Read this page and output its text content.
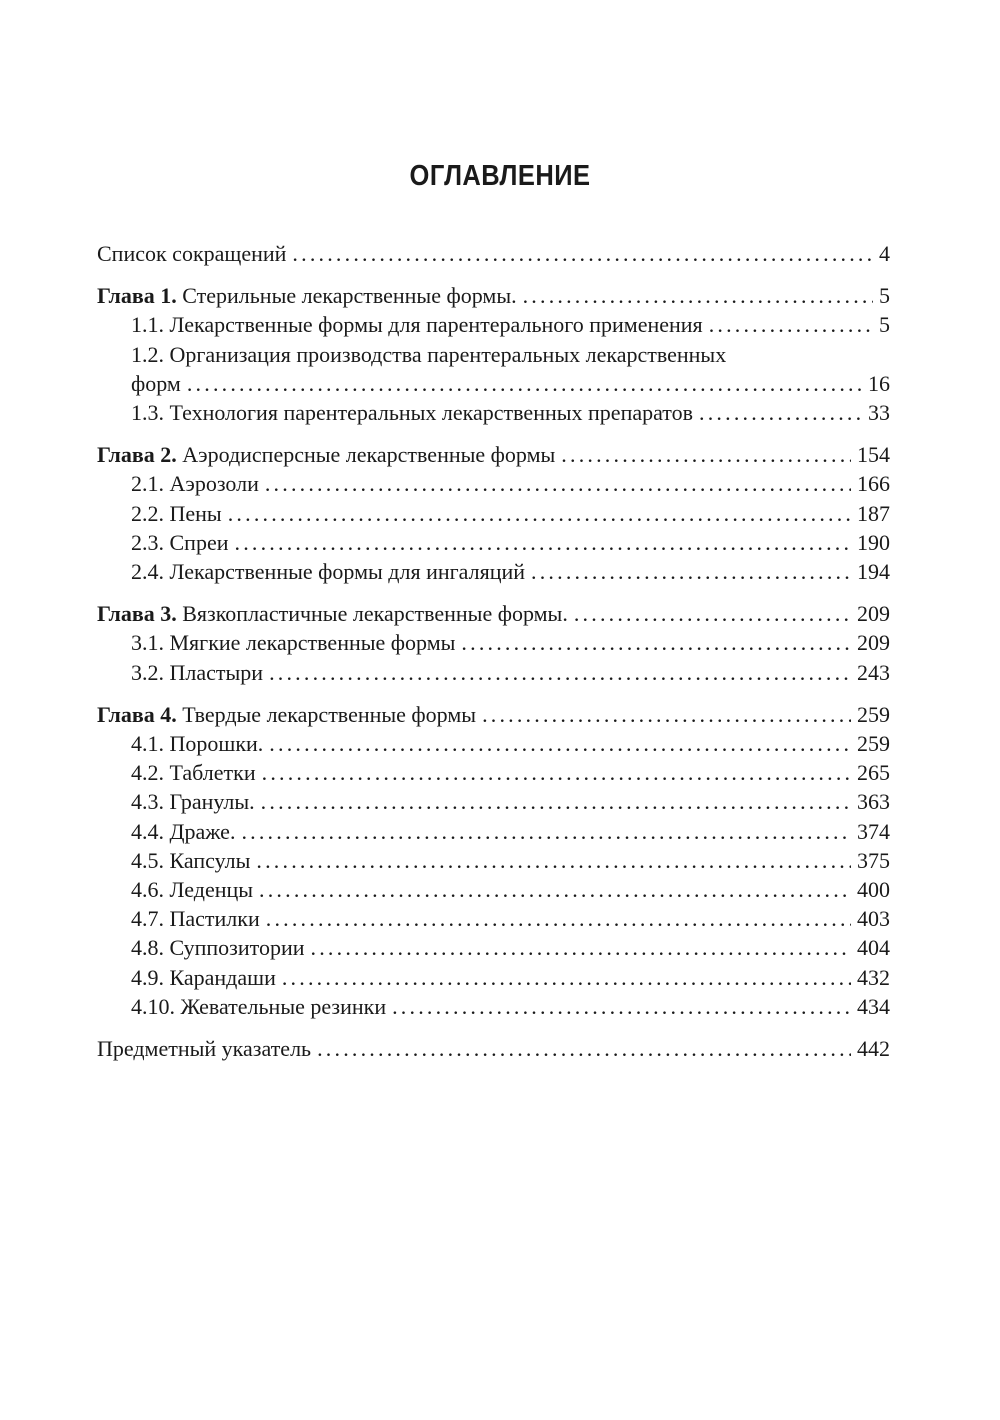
ОГЛАВЛЕНИЕ
Список сокращений .....	4
Глава 1. Стерильные лекарственные формы. .....	5
1.1. Лекарственные формы для парентерального применения .....	5
1.2. Организация производства парентеральных лекарственных
форм .....	16
1.3. Технология парентеральных лекарственных препаратов .....	33
Глава 2. Аэродисперсные лекарственные формы .....	154
2.1. Аэрозоли .....	166
2.2. Пены .....	187
2.3. Спреи .....	190
2.4. Лекарственные формы для ингаляций .....	194
Глава 3. Вязкопластичные лекарственные формы. .....	209
3.1. Мягкие лекарственные формы .....	209
3.2. Пластыри .....	243
Глава 4. Твердые лекарственные формы .....	259
4.1. Порошки. .....	259
4.2. Таблетки .....	265
4.3. Гранулы. .....	363
4.4. Драже. .....	374
4.5. Капсулы .....	375
4.6. Леденцы .....	400
4.7. Пастилки .....	403
4.8. Суппозитории .....	404
4.9. Карандаши .....	432
4.10. Жевательные резинки .....	434
Предметный указатель .....	442
